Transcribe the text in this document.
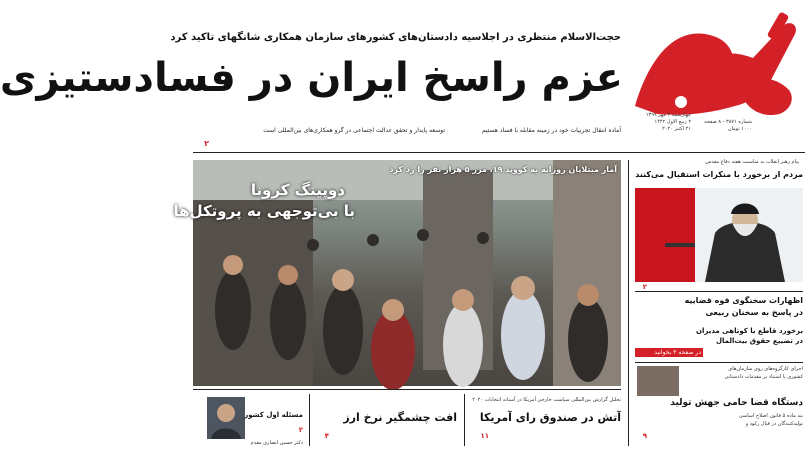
چهارشنبه ۳ مهر ۱۳۹۹
۲ ربیع الاول ۱۴۴۲
۲۱ اکتبر ۲۰۲۰
شماره ۳۸۷۱ - ۸ صفحه
۱۰۰۰ تومان
حجت‌الاسلام منتظری در اجلاسیه دادستان‌های کشورهای سازمان همکاری شانگهای تاکید کرد
عزم راسخ ایران در فسادستیزی
آماده انتقال تجربیات خود در زمینه مقابله با فساد هستیم
توسعه پایدار و تحقق عدالت اجتماعی در گرو همکاری‌های بین‌المللی است
۲
آمار مبتلایان روزانه به کووید ۱۹، مرز ۵ هزار نفر را رد کرد
دوپینگ کرونا
با بی‌توجهی به پروتکل‌ها
پیام رهبر انقلاب به مناسبت هفته دفاع مقدس
مردم از برخورد با منکرات استقبال می‌کنند
۲
اظهارات سخنگوی قوه قضاییه
در پاسخ به سخنان ربیعی
برخورد قاطع با کوتاهی مدیران
در تضییع حقوق بیت‌المال
در صفحه ۳ بخوانید
اجرای کارگروه‌های روی سازمان‌های
کشوری با استناد بر مقدمات دادستانی
دستگاه قضا حامی جهش تولید
بند ماده ۵ قانون اصلاح اساسی
تولیدکنندگان در قبال رکود و
۹
مسئله اول کشور
دکتر حسین انصاری مقدم
۲
افت چشمگیر نرخ ارز
۴
تحلیل گزارش بین‌المللی سیاست خارجی آمریکا در آستانه انتخابات ۲۰۲۰
آتش در صندوق رای آمریکا
۱۱
